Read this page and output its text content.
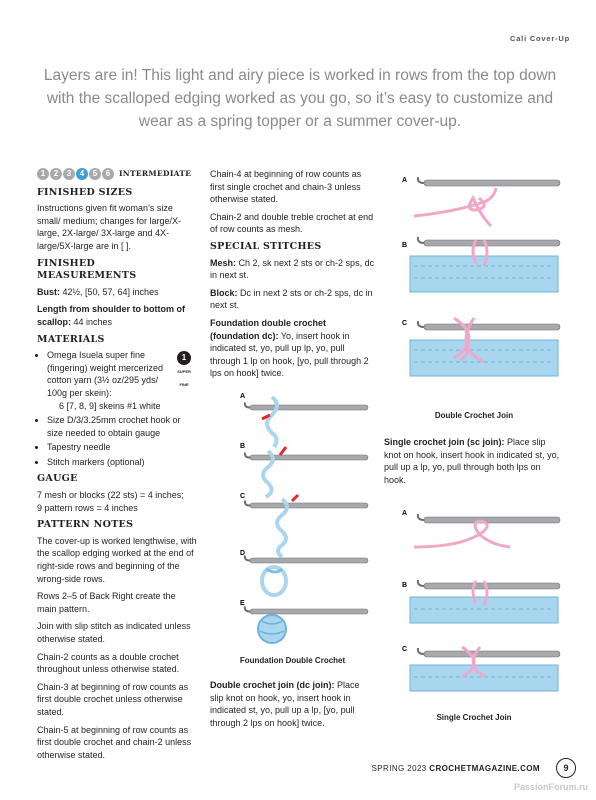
Cali Cover-Up
Layers are in! This light and airy piece is worked in rows from the top down with the scalloped edging worked as you go, so it’s easy to customize and wear as a spring topper or a summer cover-up.
1	2	3	4	5	6	INTERMEDIATE
FINISHED SIZES

Instructions given fit woman’s size small/ medium; changes for large/X-large, 2X-large/ 3X-large and 4X-large/5X-large are in [ ].

FINISHED MEASUREMENTS

Bust: 42½, [50, 57, 64] inches

Length from shoulder to bottom of scallop: 44 inches

MATERIALS
1
SUPER FINE
• Omega Isuela super fine (fingering) weight mercerized cotton yarn (3½ oz/295 yds/ 100g per skein):
6 [7, 8, 9] skeins #1 white
• Size D/3/3.25mm crochet hook or size needed to obtain gauge
• Tapestry needle
• Stitch markers (optional)
GAUGE

7 mesh or blocks (22 sts) = 4 inches;
9 pattern rows = 4 inches

PATTERN NOTES

The cover-up is worked lengthwise, with the scallop edging worked at the end of right-side rows and beginning of the wrong-side rows.

Rows 2–5 of Back Right create the main pattern.

Join with slip stitch as indicated unless otherwise stated.

Chain-2 counts as a double crochet throughout unless otherwise stated.

Chain-3 at beginning of row counts as first double crochet unless otherwise stated.

Chain-5 at beginning of row counts as first double crochet and chain-2 unless otherwise stated.

Chain-4 at beginning of row counts as first single crochet and chain-3 unless otherwise stated.

Chain-2 and double treble crochet at end of row counts as mesh.

SPECIAL STITCHES

Mesh: Ch 2, sk next 2 sts or ch-2 sps, dc in next st.

Block: Dc in next 2 sts or ch-2 sps, dc in next st.

Foundation double crochet (foundation dc): Yo, insert hook in indicated st, yo, pull up lp, yo, pull through 1 lp on hook, [yo, pull through 2 lps on hook] twice.

A
B
C
D
E
Foundation Double Crochet

Double crochet join (dc join): Place slip knot on hook, yo, insert hook in indicated st, yo, pull up a lp, [yo, pull through 2 lps on hook] twice.

A
B
C
Double Crochet Join

Single crochet join (sc join): Place slip knot on hook, insert hook in indicated st, yo, pull up a lp, yo, pull through both lps on hook.

A
B
C
Single Crochet Join
SPRING 2023 CROCHETMAGAZINE.COM	9
PassionForum.ru
